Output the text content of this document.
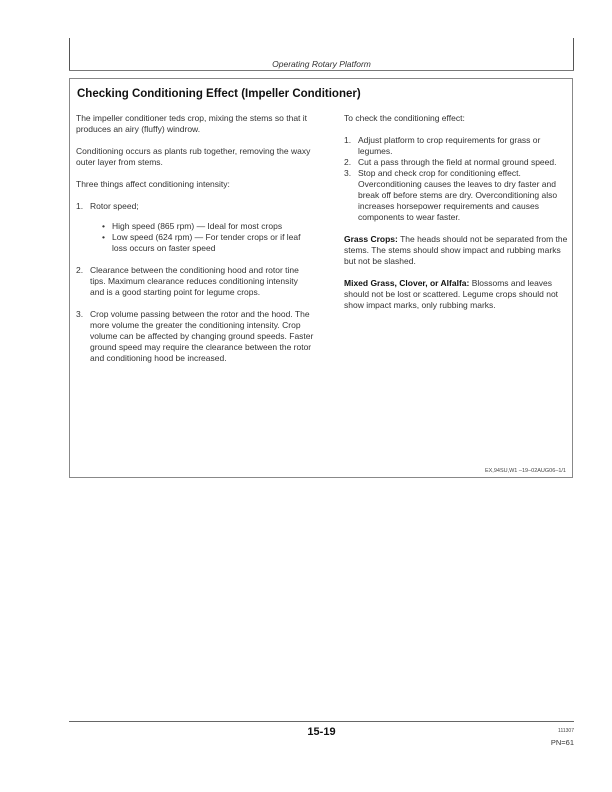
Operating Rotary Platform
Checking Conditioning Effect (Impeller Conditioner)

The impeller conditioner teds crop, mixing the stems so that it produces an airy (fluffy) windrow.

Conditioning occurs as plants rub together, removing the waxy outer layer from stems.

Three things affect conditioning intensity:

1. Rotor speed;
• High speed (865 rpm) — Ideal for most crops
• Low speed (624 rpm) — For tender crops or if leaf loss occurs on faster speed
2. Clearance between the conditioning hood and rotor tine tips. Maximum clearance reduces conditioning intensity and is a good starting point for legume crops.
3. Crop volume passing between the rotor and the hood. The more volume the greater the conditioning intensity. Crop volume can be affected by changing ground speeds. Faster ground speed may require the clearance between the rotor and conditioning hood be increased.

To check the conditioning effect:

1. Adjust platform to crop requirements for grass or legumes.
2. Cut a pass through the field at normal ground speed.
3. Stop and check crop for conditioning effect. Overconditioning causes the leaves to dry faster and break off before stems are dry. Overconditioning also increases horsepower requirements and causes components to wear faster.

Grass Crops: The heads should not be separated from the stems. The stems should show impact and rubbing marks but not be slashed.

Mixed Grass, Clover, or Alfalfa: Blossoms and leaves should not be lost or scattered. Legume crops should not show impact marks, only rubbing marks.

EX,94SU,W1 –19–02AUG06–1/1
15-19	111307
PN=61
